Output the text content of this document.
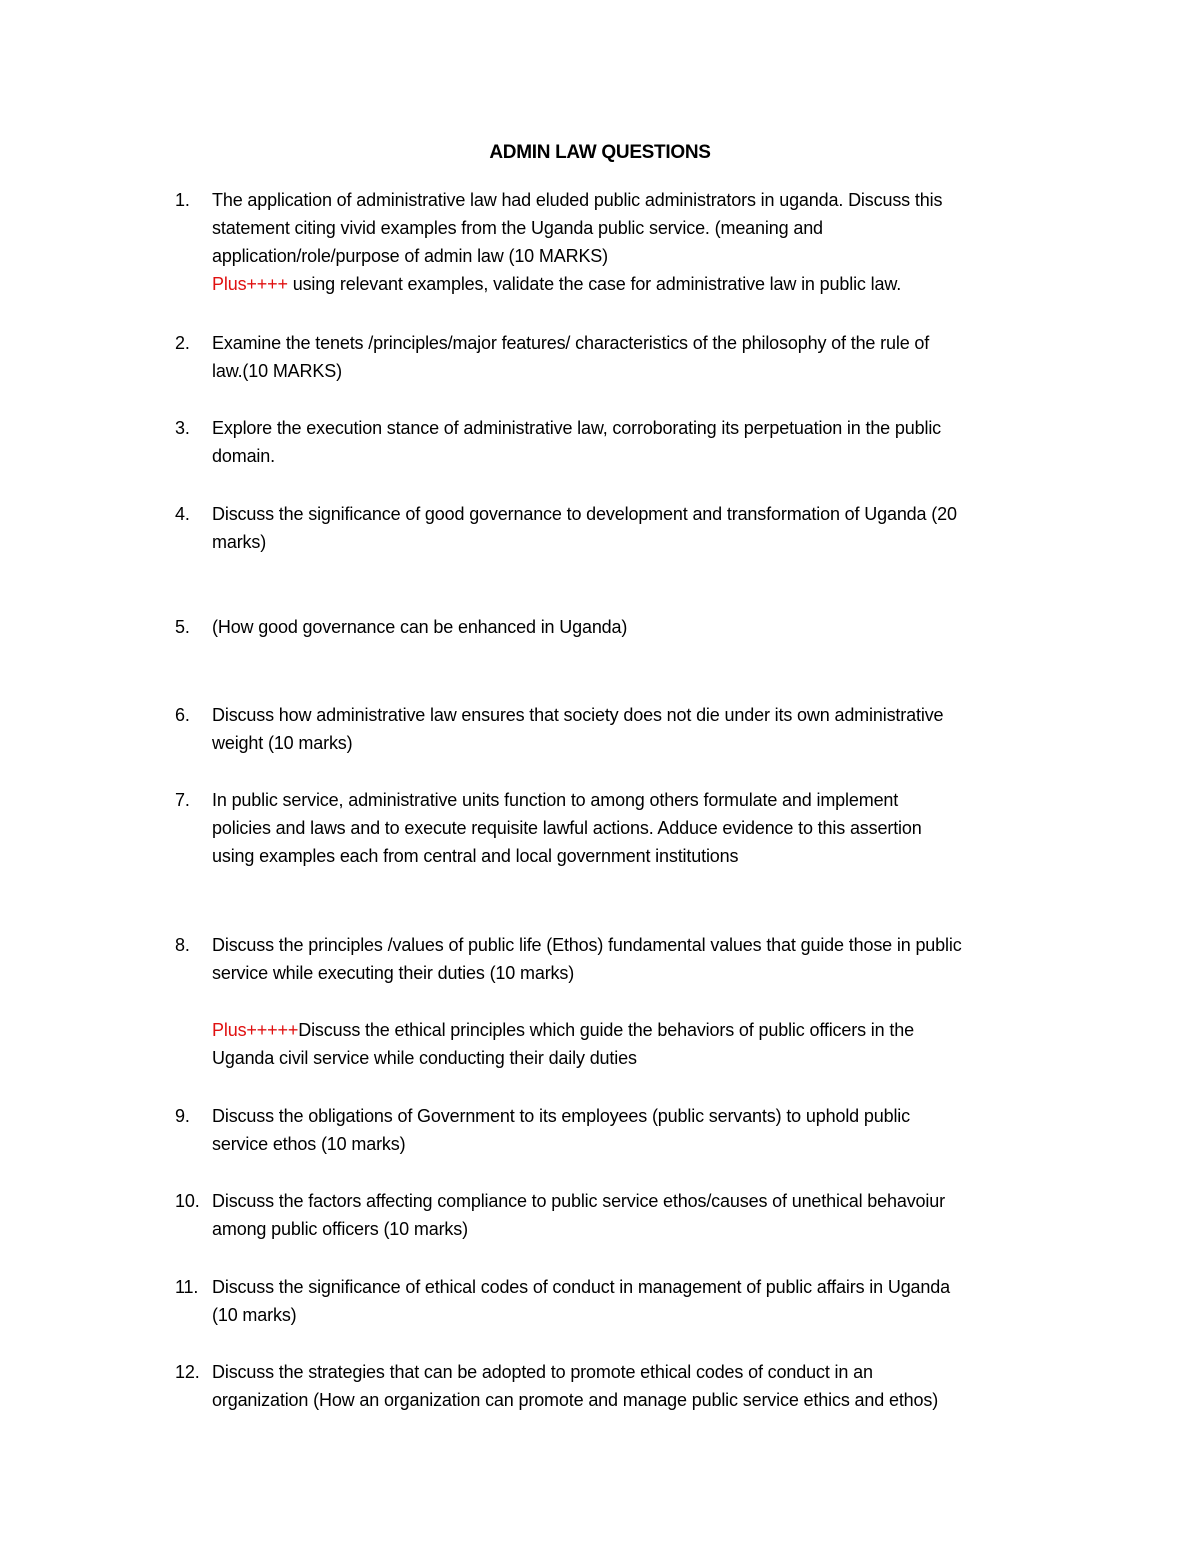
ADMIN LAW QUESTIONS
1. The application of administrative law had eluded public administrators in uganda. Discuss this
statement citing vivid examples from the Uganda public service. (meaning and
application/role/purpose of admin law (10 MARKS)
Plus++++ using relevant examples, validate the case for administrative law in public law.
2. Examine the tenets /principles/major features/ characteristics of the philosophy of the rule of
law.(10 MARKS)
3. Explore the execution stance of administrative law, corroborating its perpetuation in the public
domain.
4. Discuss the significance of good governance to development and transformation of Uganda (20
marks)
5. (How good governance can be enhanced in Uganda)
6. Discuss how administrative law ensures that society does not die under its own administrative
weight (10 marks)
7. In public service, administrative units function to among others formulate and implement
policies and laws and to execute requisite lawful actions. Adduce evidence to this assertion
using examples each from central and local government institutions
8. Discuss the principles /values of public life (Ethos) fundamental values that guide those in public
service while executing their duties (10 marks)
Plus+++++Discuss the ethical principles which guide the behaviors of public officers in the
Uganda civil service while conducting their daily duties
9. Discuss the obligations of Government to its employees (public servants) to uphold public
service ethos (10 marks)
10. Discuss the factors affecting compliance to public service ethos/causes of unethical behavoiur
among public officers (10 marks)
11. Discuss the significance of ethical codes of conduct in management of public affairs in Uganda
(10 marks)
12. Discuss the strategies that can be adopted to promote ethical codes of conduct in an
organization (How an organization can promote and manage public service ethics and ethos)
